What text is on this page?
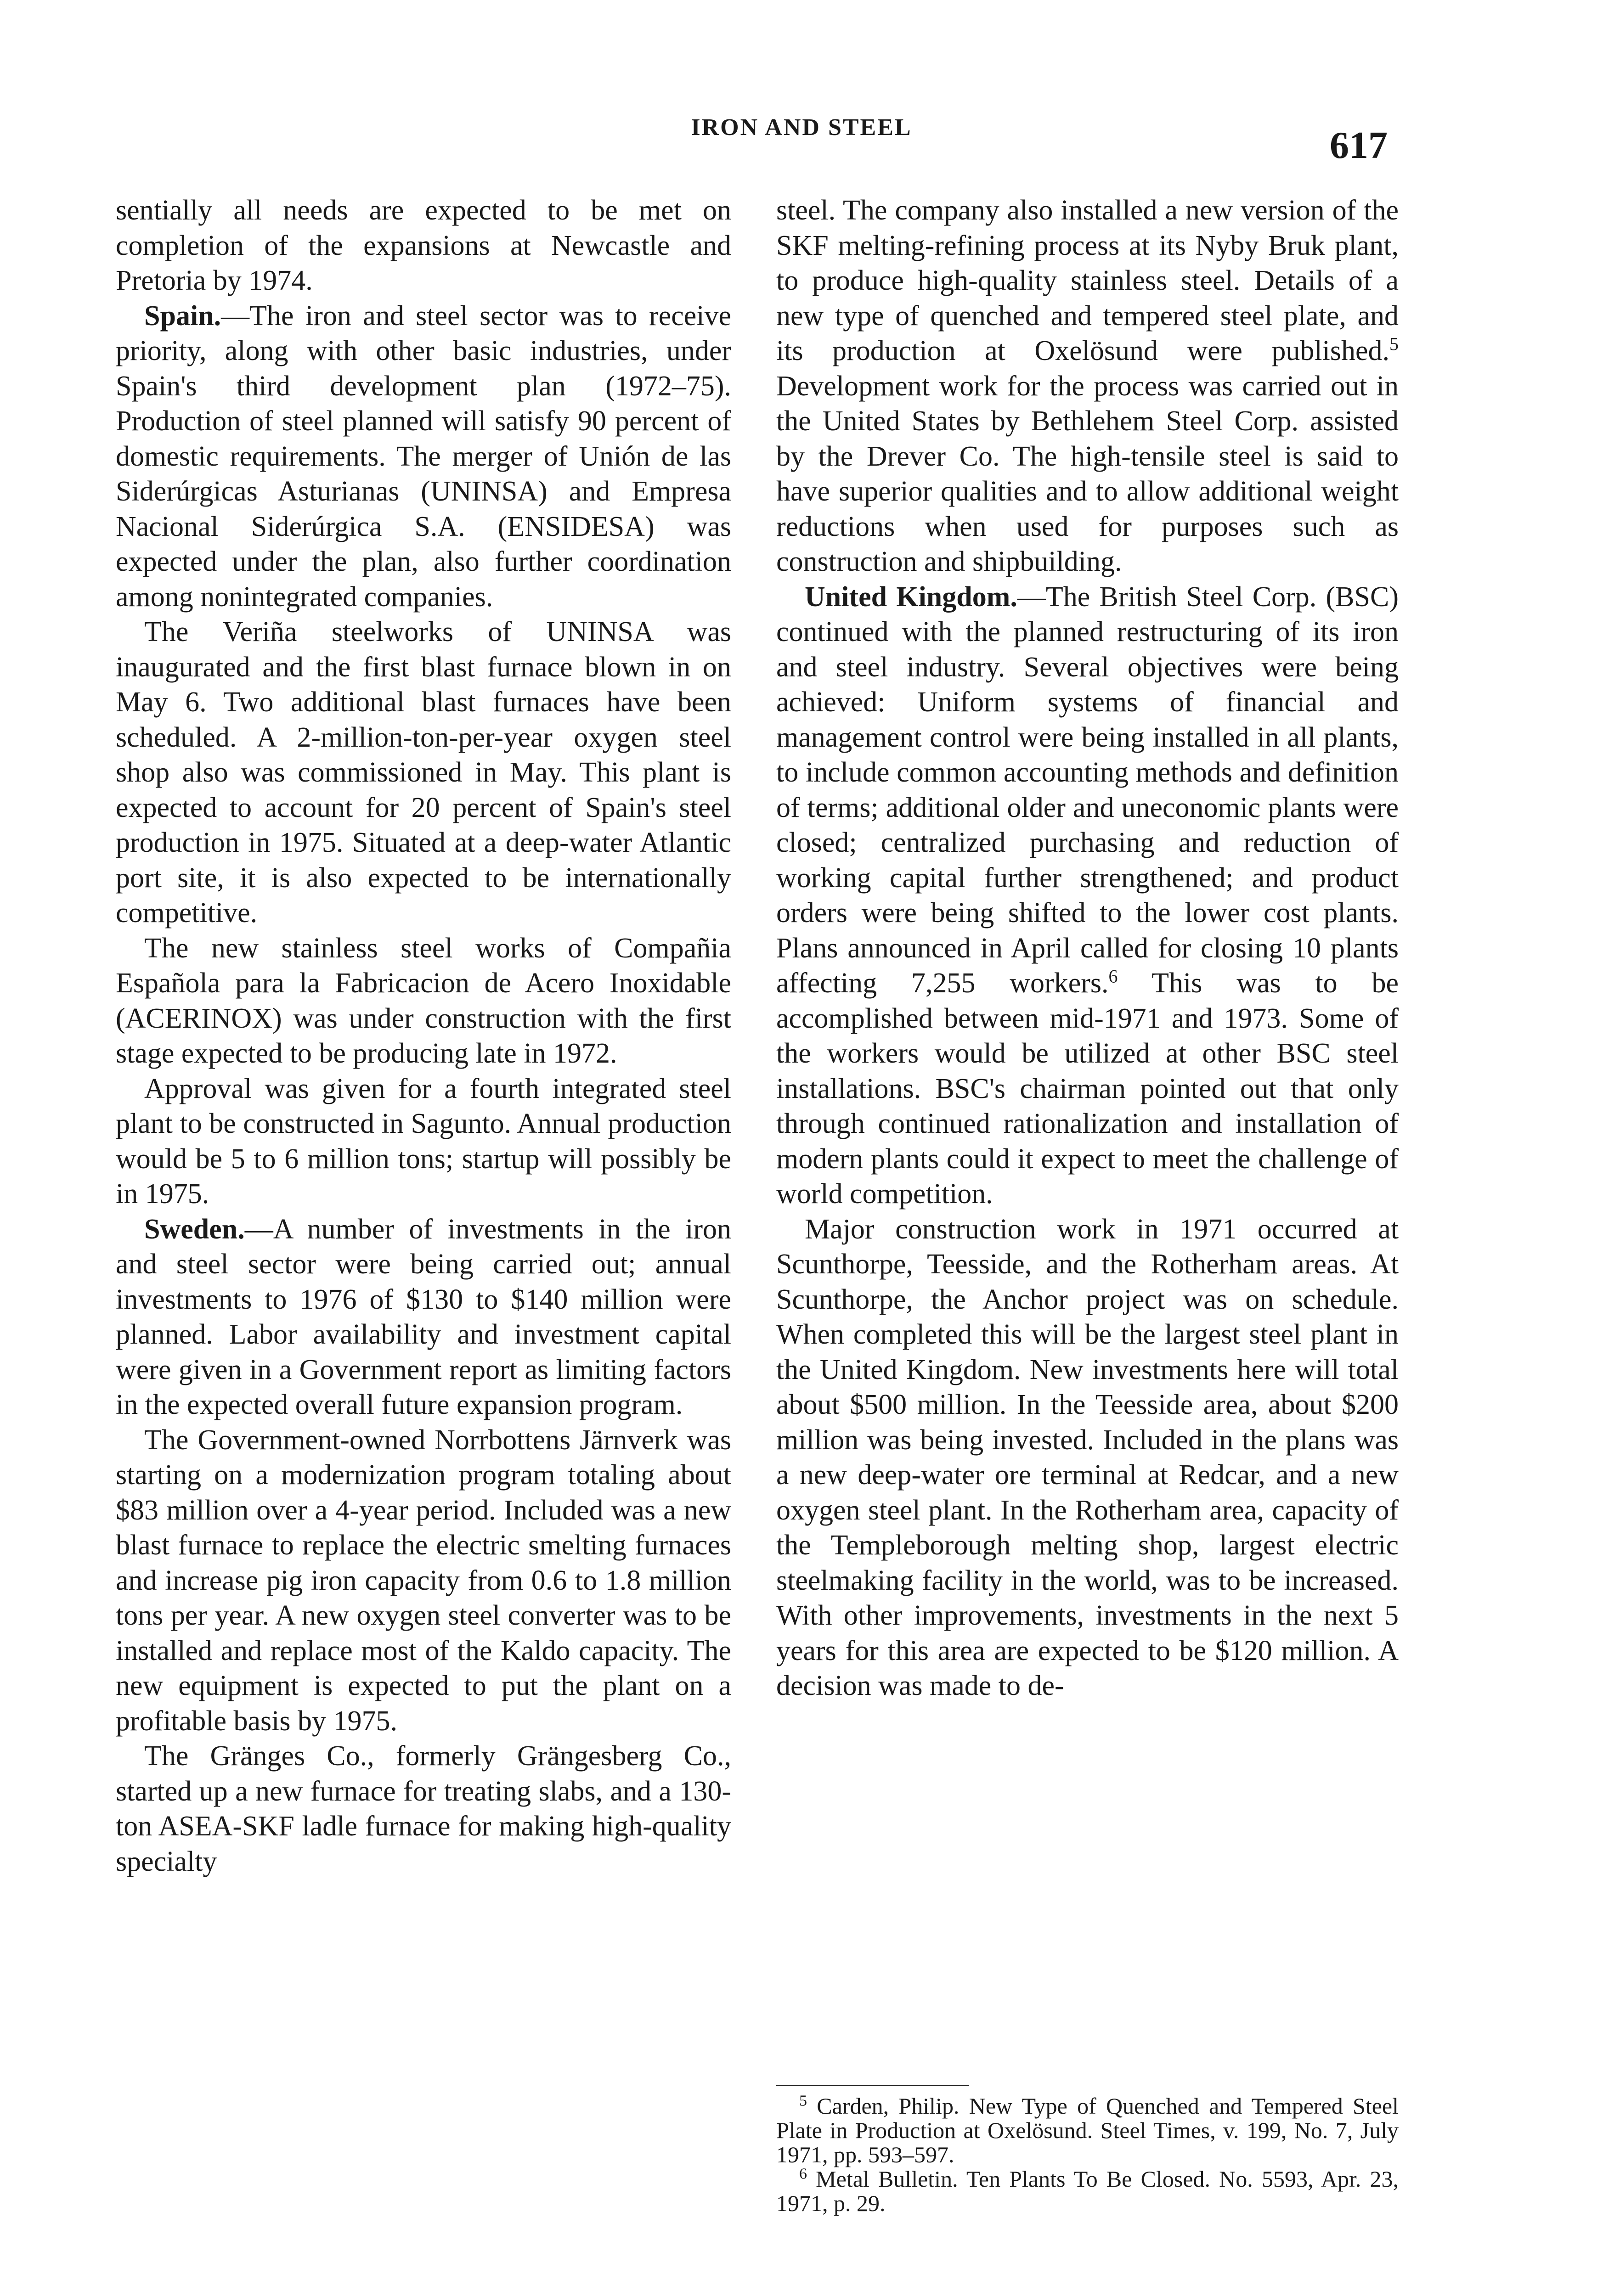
IRON AND STEEL	617

sentially all needs are expected to be met on completion of the expansions at Newcastle and Pretoria by 1974.

Spain.—The iron and steel sector was to receive priority, along with other basic industries, under Spain's third development plan (1972–75). Production of steel planned will satisfy 90 percent of domestic requirements. The merger of Unión de las Siderúrgicas Asturianas (UNINSA) and Empresa Nacional Siderúrgica S.A. (ENSIDESA) was expected under the plan, also further coordination among nonintegrated companies.

The Veriña steelworks of UNINSA was inaugurated and the first blast furnace blown in on May 6. Two additional blast furnaces have been scheduled. A 2-million-ton-per-year oxygen steel shop also was commissioned in May. This plant is expected to account for 20 percent of Spain's steel production in 1975. Situated at a deep-water Atlantic port site, it is also expected to be internationally competitive.

The new stainless steel works of Compañia Española para la Fabricacion de Acero Inoxidable (ACERINOX) was under construction with the first stage expected to be producing late in 1972.

Approval was given for a fourth integrated steel plant to be constructed in Sagunto. Annual production would be 5 to 6 million tons; startup will possibly be in 1975.

Sweden.—A number of investments in the iron and steel sector were being carried out; annual investments to 1976 of $130 to $140 million were planned. Labor availability and investment capital were given in a Government report as limiting factors in the expected overall future expansion program.

The Government-owned Norrbottens Järnverk was starting on a modernization program totaling about $83 million over a 4-year period. Included was a new blast furnace to replace the electric smelting furnaces and increase pig iron capacity from 0.6 to 1.8 million tons per year. A new oxygen steel converter was to be installed and replace most of the Kaldo capacity. The new equipment is expected to put the plant on a profitable basis by 1975.

The Gränges Co., formerly Grängesberg Co., started up a new furnace for treating slabs, and a 130-ton ASEA-SKF ladle furnace for making high-quality specialty

steel. The company also installed a new version of the SKF melting-refining process at its Nyby Bruk plant, to produce high-quality stainless steel. Details of a new type of quenched and tempered steel plate, and its production at Oxelösund were published.$^5$ Development work for the process was carried out in the United States by Bethlehem Steel Corp. assisted by the Drever Co. The high-tensile steel is said to have superior qualities and to allow additional weight reductions when used for purposes such as construction and shipbuilding.

United Kingdom.—The British Steel Corp. (BSC) continued with the planned restructuring of its iron and steel industry. Several objectives were being achieved: Uniform systems of financial and management control were being installed in all plants, to include common accounting methods and definition of terms; additional older and uneconomic plants were closed; centralized purchasing and reduction of working capital further strengthened; and product orders were being shifted to the lower cost plants. Plans announced in April called for closing 10 plants affecting 7,255 workers.$^6$ This was to be accomplished between mid-1971 and 1973. Some of the workers would be utilized at other BSC steel installations. BSC's chairman pointed out that only through continued rationalization and installation of modern plants could it expect to meet the challenge of world competition.

Major construction work in 1971 occurred at Scunthorpe, Teesside, and the Rotherham areas. At Scunthorpe, the Anchor project was on schedule. When completed this will be the largest steel plant in the United Kingdom. New investments here will total about $500 million. In the Teesside area, about $200 million was being invested. Included in the plans was a new deep-water ore terminal at Redcar, and a new oxygen steel plant. In the Rotherham area, capacity of the Templeborough melting shop, largest electric steelmaking facility in the world, was to be increased. With other improvements, investments in the next 5 years for this area are expected to be $120 million. A decision was made to de-

$^5$ Carden, Philip. New Type of Quenched and Tempered Steel Plate in Production at Oxelösund. Steel Times, v. 199, No. 7, July 1971, pp. 593–597.

$^6$ Metal Bulletin. Ten Plants To Be Closed. No. 5593, Apr. 23, 1971, p. 29.
